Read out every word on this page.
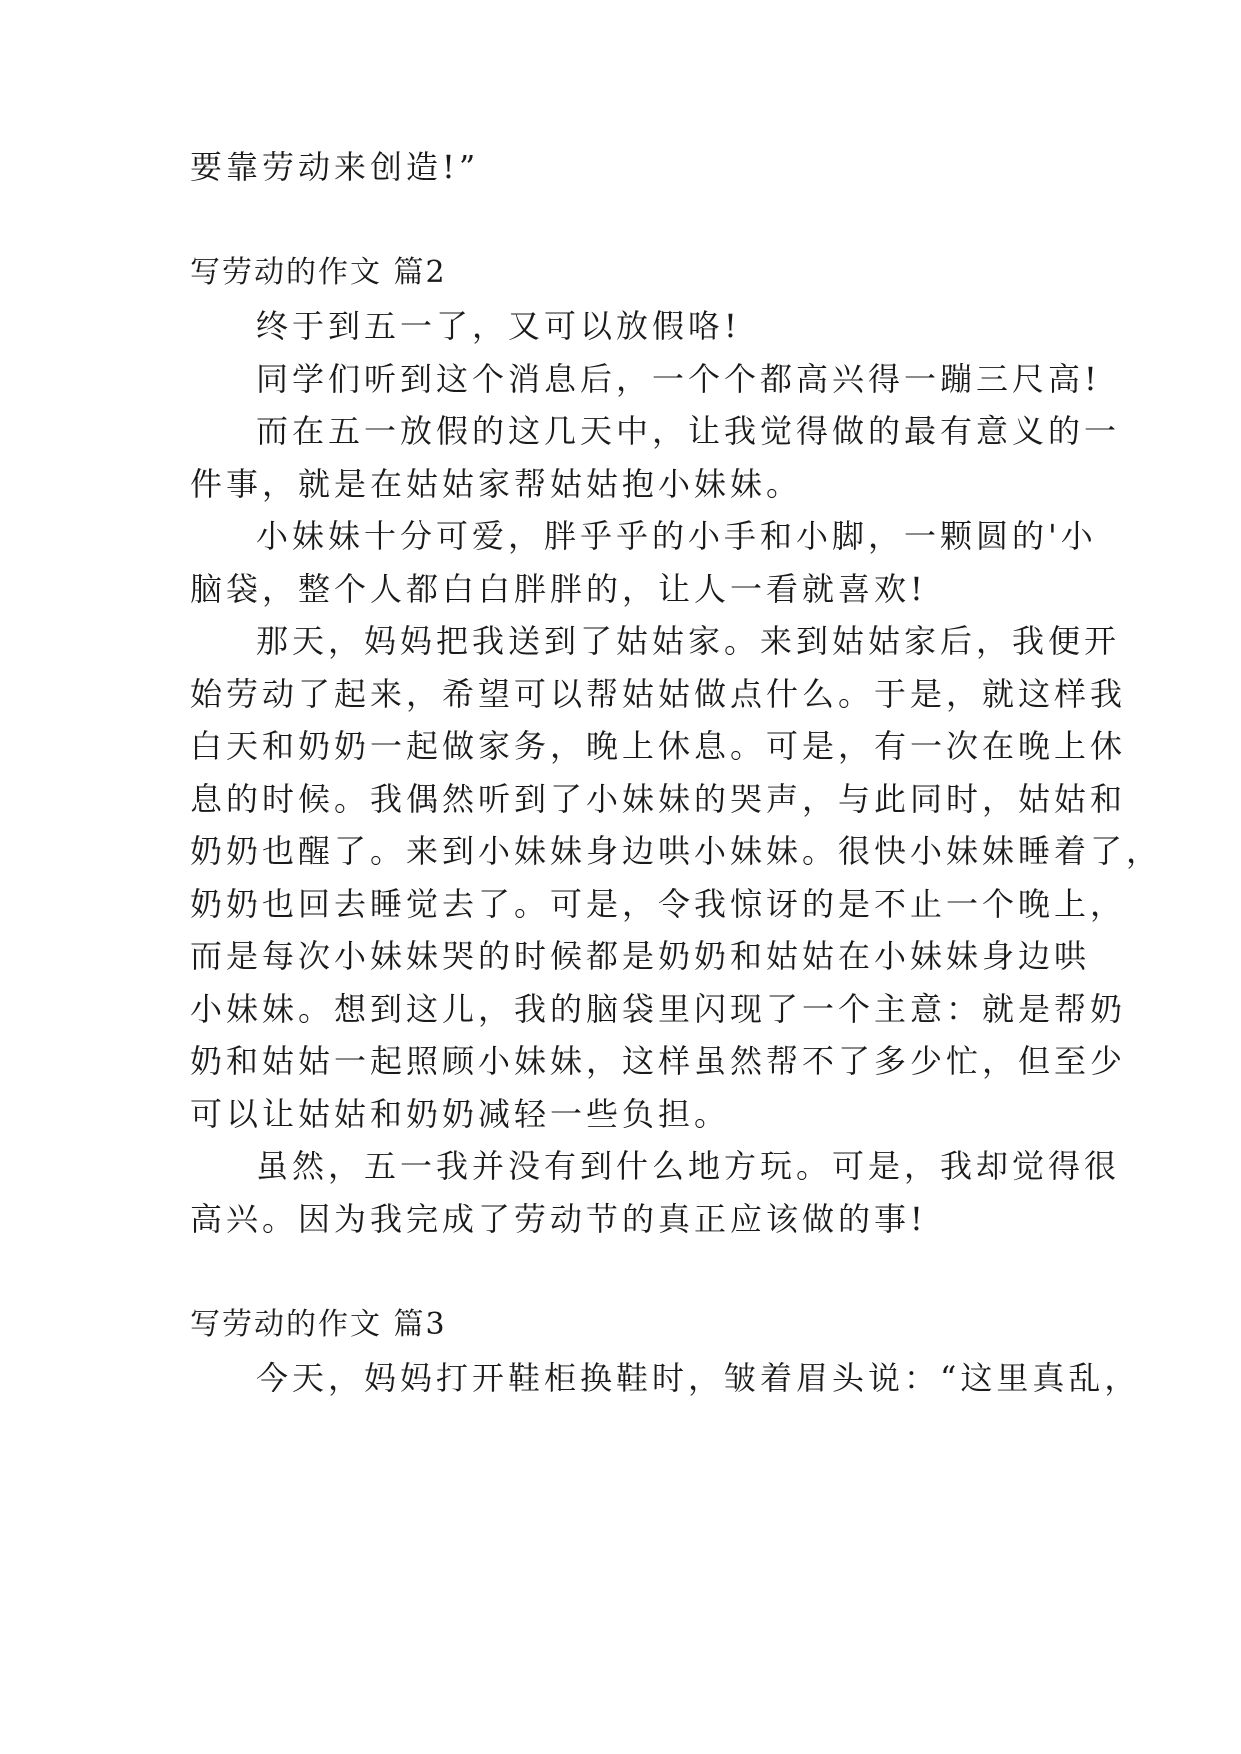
要靠劳动来创造!”

写劳动的作文 篇2

终于到五一了，又可以放假咯!

同学们听到这个消息后，一个个都高兴得一蹦三尺高!

而在五一放假的这几天中，让我觉得做的最有意义的一

件事，就是在姑姑家帮姑姑抱小妹妹。

小妹妹十分可爱，胖乎乎的小手和小脚，一颗圆的'小

脑袋，整个人都白白胖胖的，让人一看就喜欢!

那天，妈妈把我送到了姑姑家。来到姑姑家后，我便开

始劳动了起来，希望可以帮姑姑做点什么。于是，就这样我

白天和奶奶一起做家务，晚上休息。可是，有一次在晚上休

息的时候。我偶然听到了小妹妹的哭声，与此同时，姑姑和

奶奶也醒了。来到小妹妹身边哄小妹妹。很快小妹妹睡着了，

奶奶也回去睡觉去了。可是，令我惊讶的是不止一个晚上，

而是每次小妹妹哭的时候都是奶奶和姑姑在小妹妹身边哄

小妹妹。想到这儿，我的脑袋里闪现了一个主意：就是帮奶

奶和姑姑一起照顾小妹妹，这样虽然帮不了多少忙，但至少

可以让姑姑和奶奶减轻一些负担。

虽然，五一我并没有到什么地方玩。可是，我却觉得很

高兴。因为我完成了劳动节的真正应该做的事!

写劳动的作文 篇3

今天，妈妈打开鞋柜换鞋时，皱着眉头说：“这里真乱，
